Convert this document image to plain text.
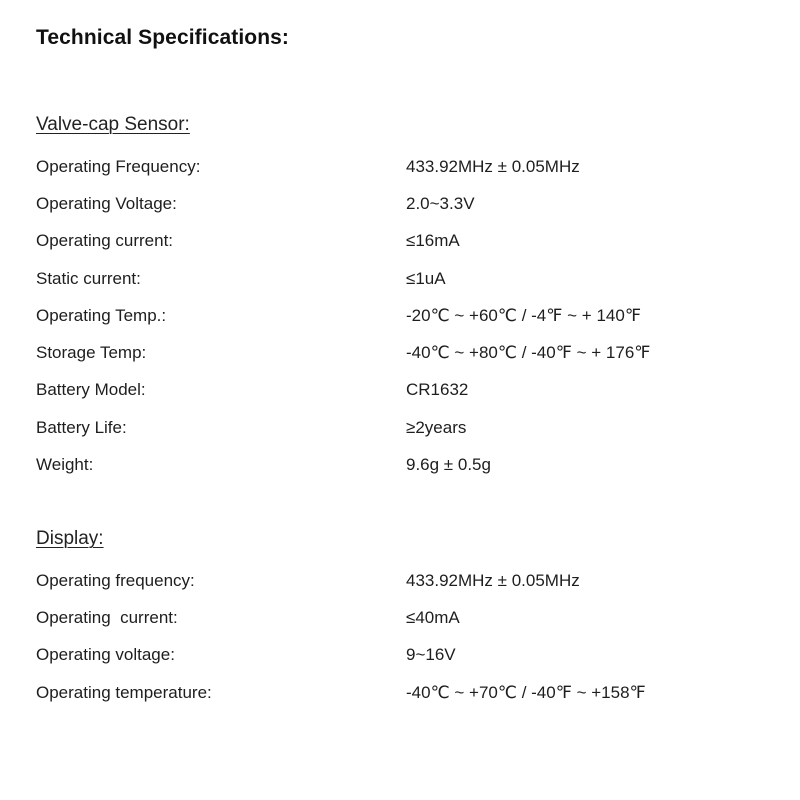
Technical Specifications:
Valve-cap Sensor:
Operating Frequency:	433.92MHz ± 0.05MHz
Operating Voltage:	2.0~3.3V
Operating current:	≤16mA
Static current:	≤1uA
Operating Temp.:	-20℃ ~ +60℃ / -4℉ ~ + 140℉
Storage Temp:	-40℃ ~ +80℃ / -40℉ ~ + 176℉
Battery Model:	CR1632
Battery Life:	≥2years
Weight:	9.6g ± 0.5g
Display:
Operating frequency:	433.92MHz ± 0.05MHz
Operating  current:	≤40mA
Operating voltage:	9~16V
Operating temperature:	-40℃ ~ +70℃ / -40℉ ~ +158℉
